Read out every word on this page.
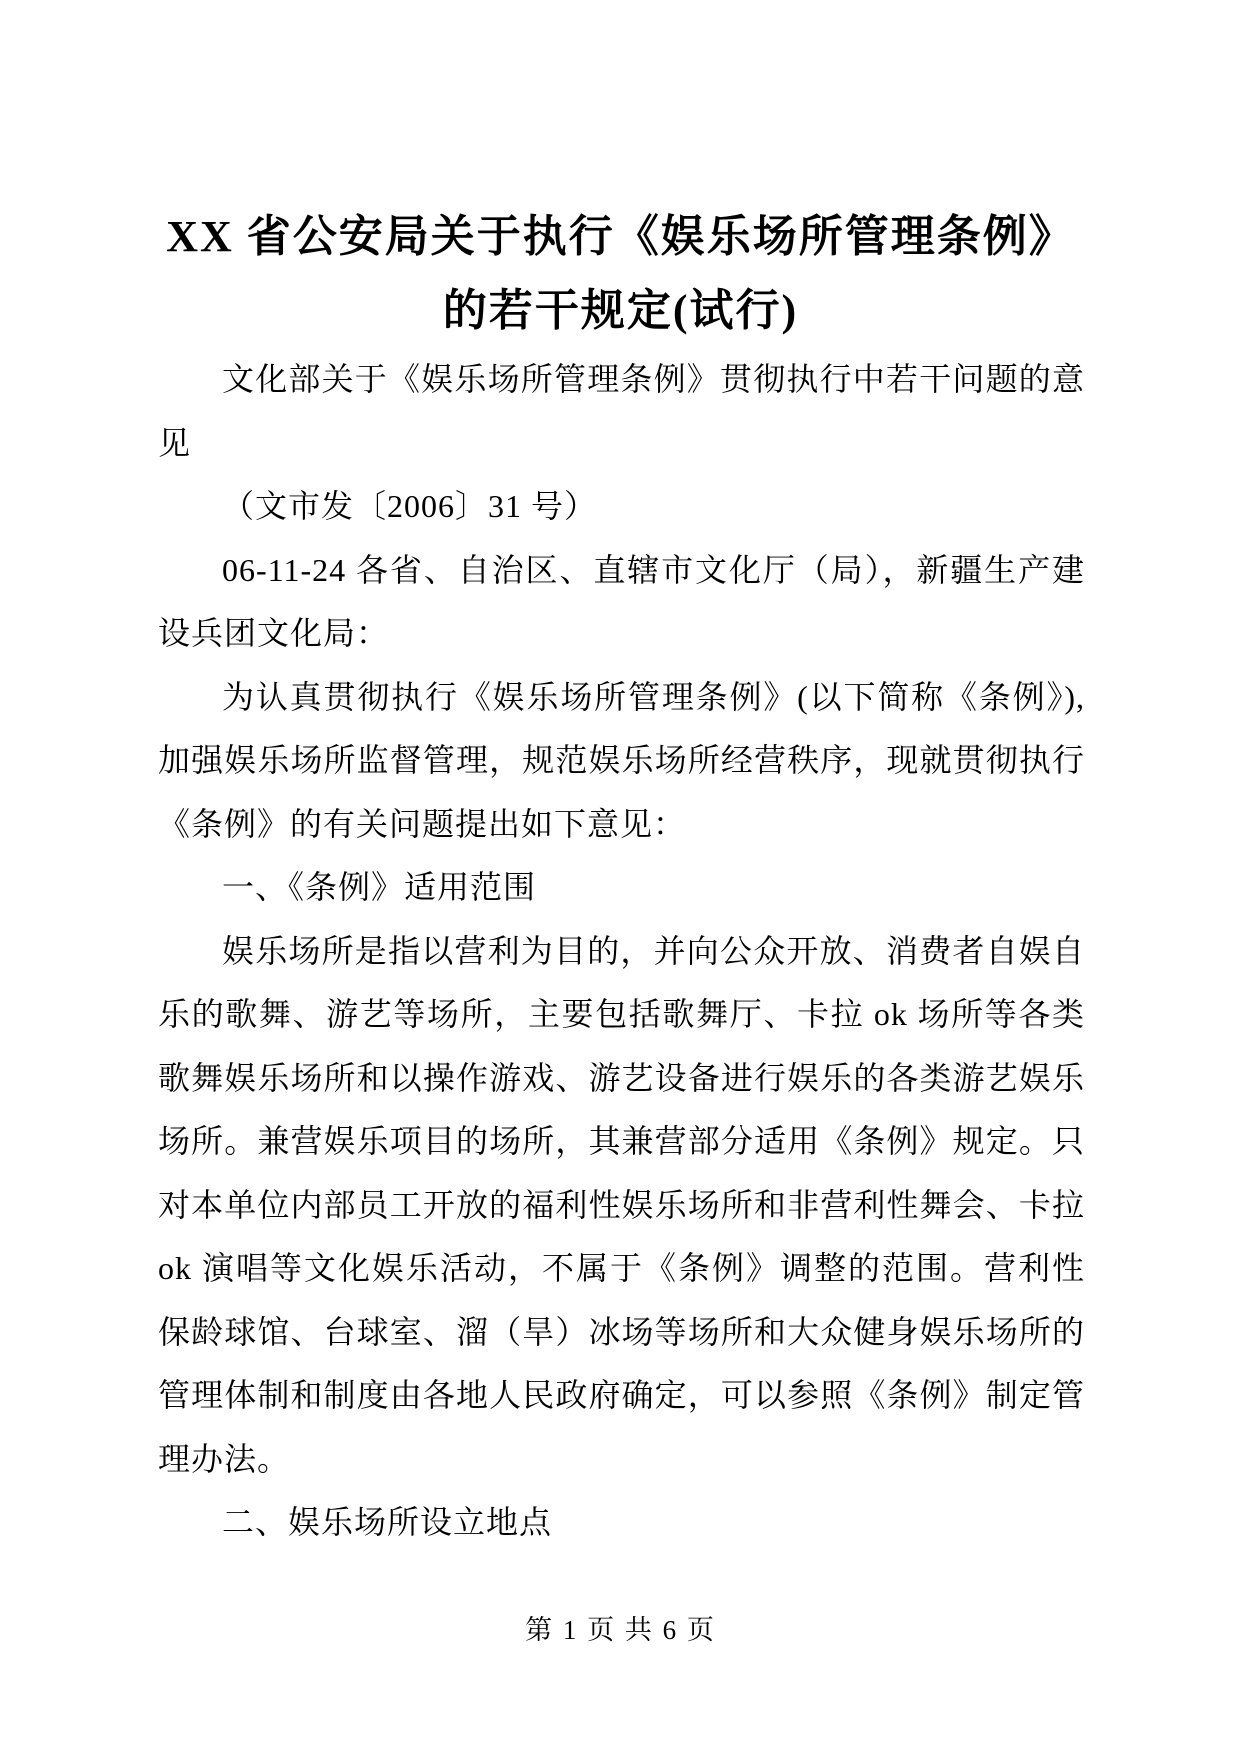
XX 省公安局关于执行《娱乐场所管理条例》的若干规定(试行)

文化部关于《娱乐场所管理条例》贯彻执行中若干问题的意见

（文市发〔2006〕31 号）

06-11-24 各省、自治区、直辖市文化厅（局），新疆生产建设兵团文化局：

为认真贯彻执行《娱乐场所管理条例》(以下简称《条例》),加强娱乐场所监督管理，规范娱乐场所经营秩序，现就贯彻执行《条例》的有关问题提出如下意见：

一、《条例》适用范围

娱乐场所是指以营利为目的，并向公众开放、消费者自娱自乐的歌舞、游艺等场所，主要包括歌舞厅、卡拉 ok 场所等各类歌舞娱乐场所和以操作游戏、游艺设备进行娱乐的各类游艺娱乐场所。兼营娱乐项目的场所，其兼营部分适用《条例》规定。只对本单位内部员工开放的福利性娱乐场所和非营利性舞会、卡拉 ok 演唱等文化娱乐活动，不属于《条例》调整的范围。营利性保龄球馆、台球室、溜（旱）冰场等场所和大众健身娱乐场所的管理体制和制度由各地人民政府确定，可以参照《条例》制定管理办法。

二、娱乐场所设立地点

第 1 页 共 6 页
